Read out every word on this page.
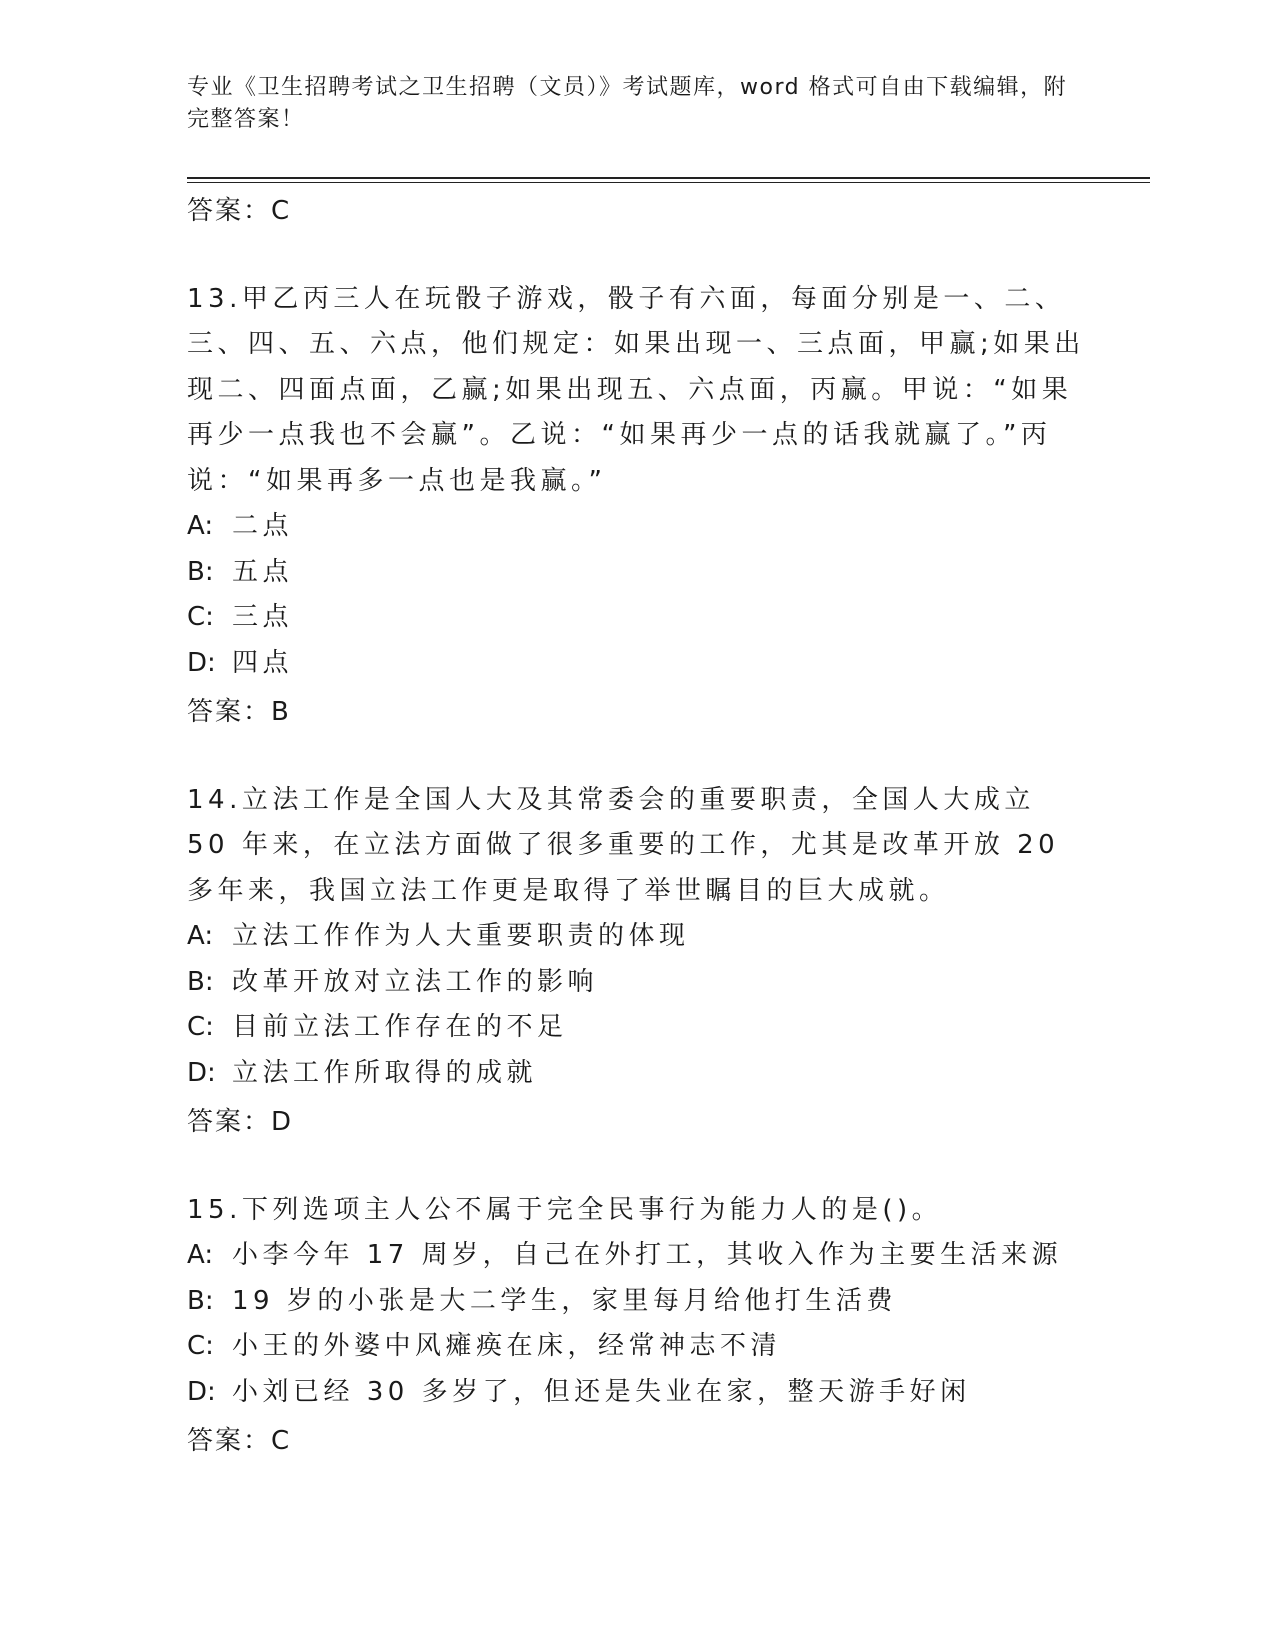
专业《卫生招聘考试之卫生招聘（文员）》考试题库，word 格式可自由下载编辑，附完整答案！
答案：C
13.甲乙丙三人在玩骰子游戏，骰子有六面，每面分别是一、二、三、四、五、六点，他们规定：如果出现一、三点面，甲赢;如果出现二、四面点面，乙赢;如果出现五、六点面，丙赢。甲说：“如果再少一点我也不会赢”。乙说：“如果再少一点的话我就赢了。”丙说：“如果再多一点也是我赢。”
A: 二点
B: 五点
C: 三点
D: 四点
答案：B
14.立法工作是全国人大及其常委会的重要职责，全国人大成立 50 年来，在立法方面做了很多重要的工作，尤其是改革开放 20 多年来，我国立法工作更是取得了举世瞩目的巨大成就。
A: 立法工作作为人大重要职责的体现
B: 改革开放对立法工作的影响
C: 目前立法工作存在的不足
D: 立法工作所取得的成就
答案：D
15.下列选项主人公不属于完全民事行为能力人的是()。
A: 小李今年 17 周岁，自己在外打工，其收入作为主要生活来源
B: 19 岁的小张是大二学生，家里每月给他打生活费
C: 小王的外婆中风瘫痪在床，经常神志不清
D: 小刘已经 30 多岁了，但还是失业在家，整天游手好闲
答案：C
